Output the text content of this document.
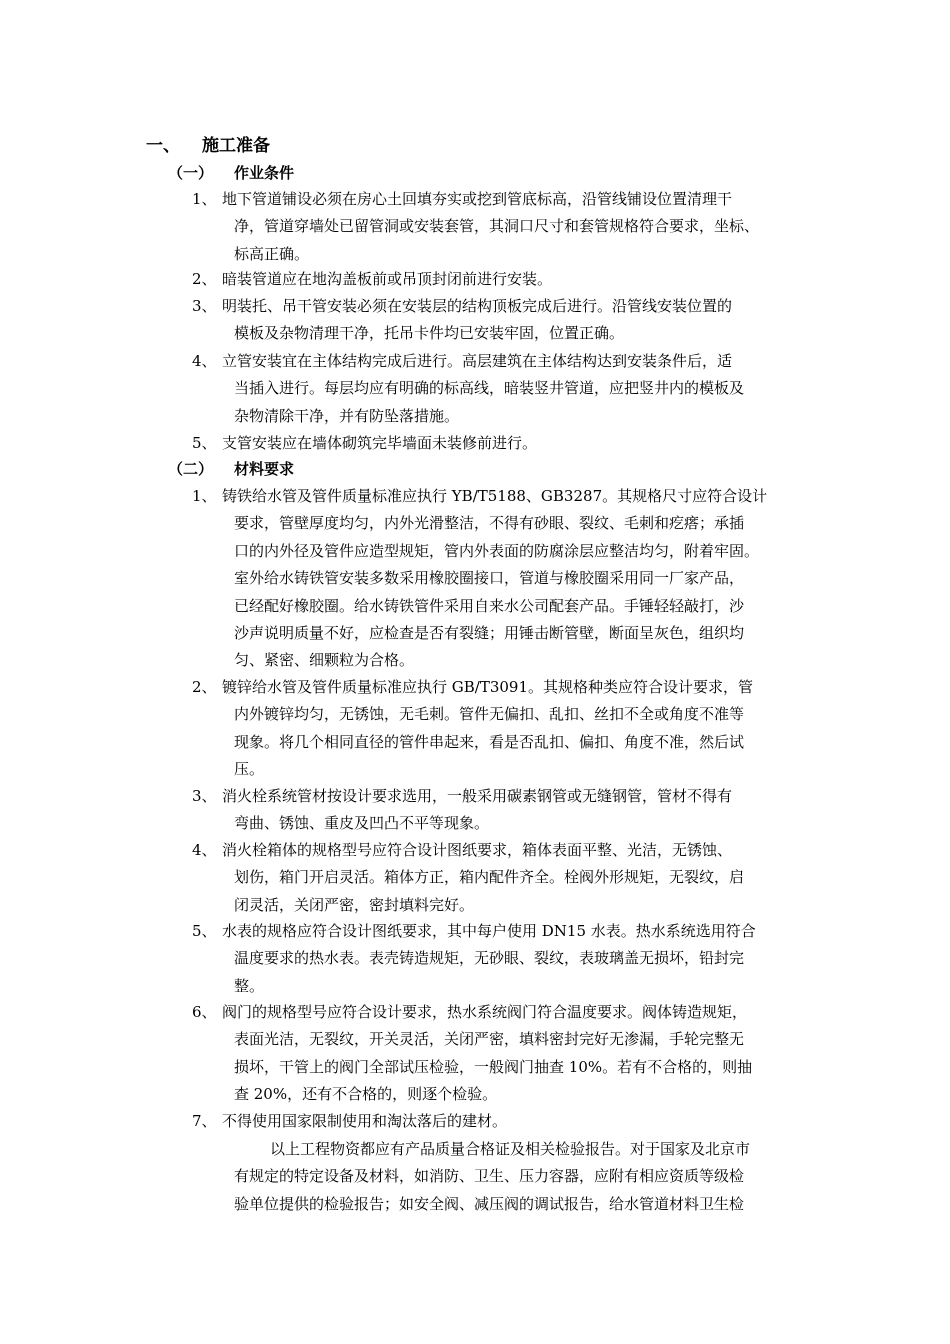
一、 施工准备
（一） 作业条件
1、 地下管道铺设必须在房心土回填夯实或挖到管底标高，沿管线铺设位置清理干
净，管道穿墙处已留管洞或安装套管，其洞口尺寸和套管规格符合要求，坐标、
标高正确。
2、 暗装管道应在地沟盖板前或吊顶封闭前进行安装。
3、 明装托、吊干管安装必须在安装层的结构顶板完成后进行。沿管线安装位置的
模板及杂物清理干净，托吊卡件均已安装牢固，位置正确。
4、 立管安装宜在主体结构完成后进行。高层建筑在主体结构达到安装条件后，适
当插入进行。每层均应有明确的标高线，暗装竖井管道，应把竖井内的模板及
杂物清除干净，并有防坠落措施。
5、 支管安装应在墙体砌筑完毕墙面未装修前进行。
（二） 材料要求
1、 铸铁给水管及管件质量标准应执行 YB/T5188、GB3287。其规格尺寸应符合设计
要求，管壁厚度均匀，内外光滑整洁，不得有砂眼、裂纹、毛刺和疙瘩；承插
口的内外径及管件应造型规矩，管内外表面的防腐涂层应整洁均匀，附着牢固。
室外给水铸铁管安装多数采用橡胶圈接口，管道与橡胶圈采用同一厂家产品，
已经配好橡胶圈。给水铸铁管件采用自来水公司配套产品。手锤轻轻敲打，沙
沙声说明质量不好，应检查是否有裂缝；用锤击断管壁，断面呈灰色，组织均
匀、紧密、细颗粒为合格。
2、 镀锌给水管及管件质量标准应执行 GB/T3091。其规格种类应符合设计要求，管
内外镀锌均匀，无锈蚀，无毛刺。管件无偏扣、乱扣、丝扣不全或角度不准等
现象。将几个相同直径的管件串起来，看是否乱扣、偏扣、角度不准，然后试
压。
3、 消火栓系统管材按设计要求选用，一般采用碳素钢管或无缝钢管，管材不得有
弯曲、锈蚀、重皮及凹凸不平等现象。
4、 消火栓箱体的规格型号应符合设计图纸要求，箱体表面平整、光洁，无锈蚀、
划伤，箱门开启灵活。箱体方正，箱内配件齐全。栓阀外形规矩，无裂纹，启
闭灵活，关闭严密，密封填料完好。
5、 水表的规格应符合设计图纸要求，其中每户使用 DN15 水表。热水系统选用符合
温度要求的热水表。表壳铸造规矩，无砂眼、裂纹，表玻璃盖无损坏，铅封完
整。
6、 阀门的规格型号应符合设计要求，热水系统阀门符合温度要求。阀体铸造规矩，
表面光洁，无裂纹，开关灵活，关闭严密，填料密封完好无渗漏，手轮完整无
损坏，干管上的阀门全部试压检验，一般阀门抽查 10%。若有不合格的，则抽
查 20%，还有不合格的，则逐个检验。
7、 不得使用国家限制使用和淘汰落后的建材。
以上工程物资都应有产品质量合格证及相关检验报告。对于国家及北京市
有规定的特定设备及材料，如消防、卫生、压力容器，应附有相应资质等级检
验单位提供的检验报告；如安全阀、减压阀的调试报告，给水管道材料卫生检
